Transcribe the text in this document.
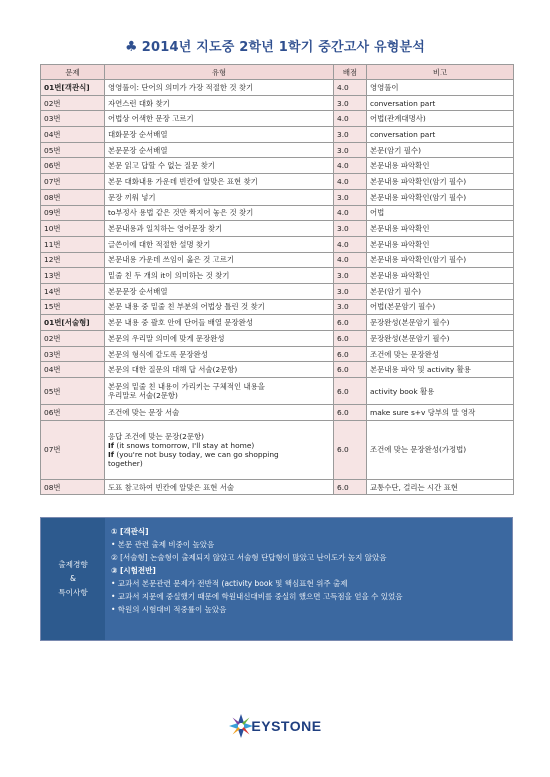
♣ 2014년 지도중 2학년 1학기 중간고사 유형분석
문제	유형	배점	비고
01번[객관식]	영영풀이: 단어의 의미가 가장 적절한 것 찾기	4.0	영영풀이
02번	자연스런 대화 찾기	3.0	conversation part
03번	어법상 어색한 문장 고르기	4.0	어법(관계대명사)
04번	대화문장 순서배열	3.0	conversation part
05번	본문문장 순서배열	3.0	본문(암기 필수)
06번	본문 읽고 답할 수 없는 질문 찾기	4.0	본문내용 파악확인
07번	본문 대화내용 가운데 빈칸에 알맞은 표현 찾기	4.0	본문내용 파악확인(암기 필수)
08번	문장 끼워 넣기	3.0	본문내용 파악확인(암기 필수)
09번	to부정사 용법 같은 것만 짝지어 놓은 것 찾기	4.0	어법
10번	본문내용과 일치하는 영어문장 찾기	3.0	본문내용 파악확인
11번	글쓴이에 대한 적절한 설명 찾기	4.0	본문내용 파악확인
12번	본문내용 가운데 쓰임이 옳은 것 고르기	4.0	본문내용 파악확인(암기 필수)
13번	밑줄 친 두 개의 it이 의미하는 것 찾기	3.0	본문내용 파악확인
14번	본문문장 순서배열	3.0	본문(암기 필수)
15번	본문 내용 중 밑줄 친 부분의 어법상 틀린 것 찾기	3.0	어법(본문암기 필수)
01번[서술형]	본문 내용 중 괄호 안에 단어들 배열 문장완성	6.0	문장완성(본문암기 필수)
02번	본문의 우리말 의미에 맞게 문장완성	6.0	문장완성(본문암기 필수)
03번	본문의 형식에 같도록 문장완성	6.0	조건에 맞는 문장완성
04번	본문의 대한 질문의 대해 답 서술(2문항)	6.0	본문내용 파악 및 activity 활용
05번	본문의 밑줄 친 내용이 가리키는 구체적인 내용을
우리말로 서술(2문항)	6.0	activity book 활용
06번	조건에 맞는 문장 서술	6.0	make sure s+v 당부의 말 영작
07번	응답 조건에 맞는 문장(2문항)
If (it snows tomorrow, I'll stay at home)
If (you're not busy today, we can go shopping
together)	6.0	조건에 맞는 문장완성(가정법)
08번	도표 참고하여 빈칸에 알맞은 표현 서술	6.0	교통수단, 걸리는 시간 표현
출제경향
&
특이사항
① [객관식]
• 본문 관련 출제 비중이 높았음
② [서술형] 논술형이 출제되지 않았고 서술형 단답형이 많았고 난이도가 높지 않았음
③ [시험전반]
• 교과서 본문관련 문제가 전반적 (activity book 및 핵심표현 위주 출제
• 교과서 지문에 중실했기 때문에 학원내신대비를 중실히 했으면 고득점을 얻을 수 있었음
• 학원의 시험대비 적중률이 높았음
EYSTONE
